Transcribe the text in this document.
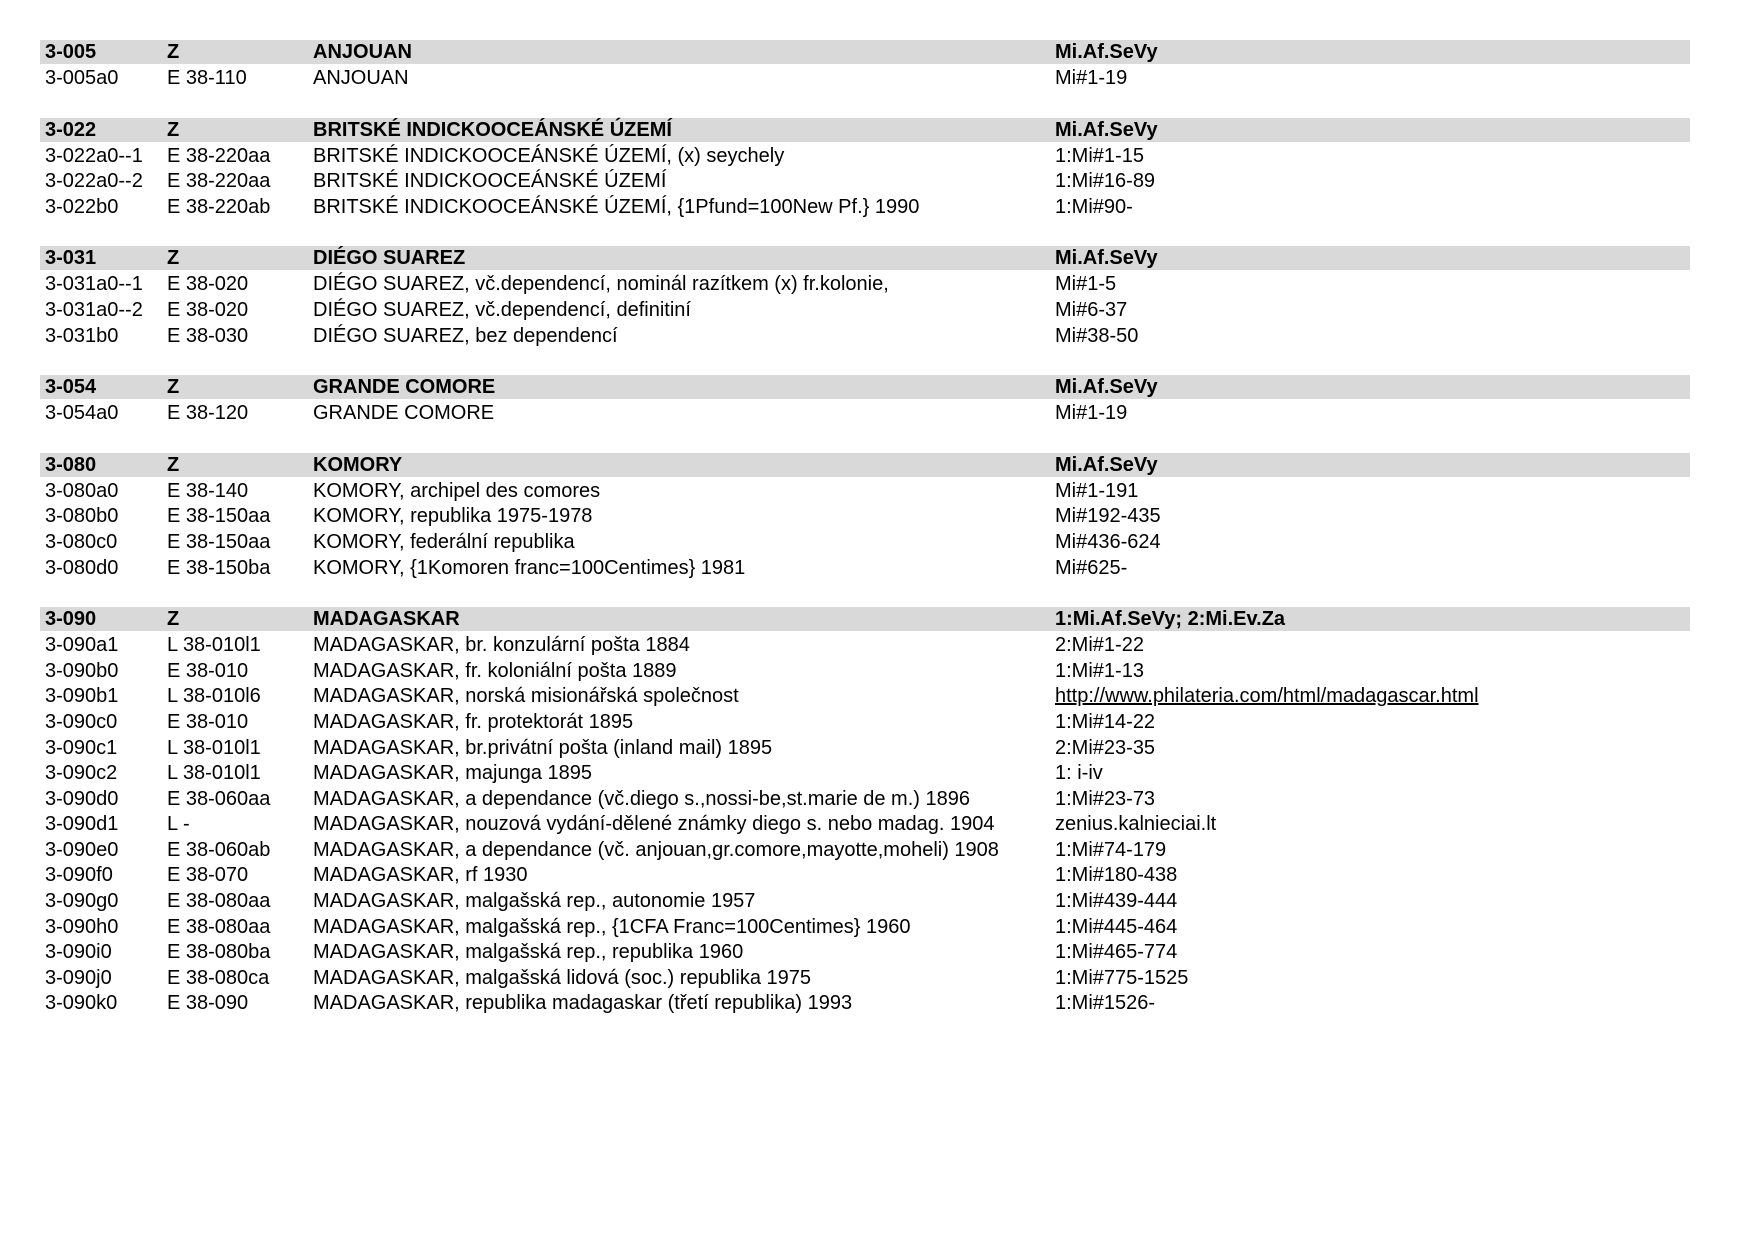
3-005	Z	ANJOUAN	Mi.Af.SeVy
3-005a0	E 38-110	ANJOUAN	Mi#1-19
3-022	Z	BRITSKÉ INDICKOOCEÁNSKÉ ÚZEMÍ	Mi.Af.SeVy
3-022a0--1	E 38-220aa	BRITSKÉ INDICKOOCEÁNSKÉ ÚZEMÍ, (x) seychely	1:Mi#1-15
3-022a0--2	E 38-220aa	BRITSKÉ INDICKOOCEÁNSKÉ ÚZEMÍ	1:Mi#16-89
3-022b0	E 38-220ab	BRITSKÉ INDICKOOCEÁNSKÉ ÚZEMÍ, {1Pfund=100New Pf.} 1990	1:Mi#90-
3-031	Z	DIÉGO SUAREZ	Mi.Af.SeVy
3-031a0--1	E 38-020	DIÉGO SUAREZ, vč.dependencí, nominál razítkem (x) fr.kolonie,	Mi#1-5
3-031a0--2	E 38-020	DIÉGO SUAREZ, vč.dependencí, definitiní	Mi#6-37
3-031b0	E 38-030	DIÉGO SUAREZ, bez dependencí	Mi#38-50
3-054	Z	GRANDE COMORE	Mi.Af.SeVy
3-054a0	E 38-120	GRANDE COMORE	Mi#1-19
3-080	Z	KOMORY	Mi.Af.SeVy
3-080a0	E 38-140	KOMORY, archipel des comores	Mi#1-191
3-080b0	E 38-150aa	KOMORY, republika 1975-1978	Mi#192-435
3-080c0	E 38-150aa	KOMORY, federální republika	Mi#436-624
3-080d0	E 38-150ba	KOMORY, {1Komoren franc=100Centimes} 1981	Mi#625-
3-090	Z	MADAGASKAR	1:Mi.Af.SeVy; 2:Mi.Ev.Za
3-090a1	L 38-010l1	MADAGASKAR, br. konzulární pošta 1884	2:Mi#1-22
3-090b0	E 38-010	MADAGASKAR, fr. koloniální pošta 1889	1:Mi#1-13
3-090b1	L 38-010l6	MADAGASKAR, norská misionářská společnost	http://www.philateria.com/html/madagascar.html
3-090c0	E 38-010	MADAGASKAR, fr. protektorát 1895	1:Mi#14-22
3-090c1	L 38-010l1	MADAGASKAR, br.privátní pošta (inland mail) 1895	2:Mi#23-35
3-090c2	L 38-010l1	MADAGASKAR, majunga 1895	1: i-iv
3-090d0	E 38-060aa	MADAGASKAR, a dependance (vč.diego s.,nossi-be,st.marie de m.) 1896	1:Mi#23-73
3-090d1	L -	MADAGASKAR, nouzová vydání-dělené známky diego s. nebo madag. 1904	zenius.kalnieciai.lt
3-090e0	E 38-060ab	MADAGASKAR, a dependance (vč. anjouan,gr.comore,mayotte,moheli) 1908	1:Mi#74-179
3-090f0	E 38-070	MADAGASKAR, rf 1930	1:Mi#180-438
3-090g0	E 38-080aa	MADAGASKAR, malgašská rep., autonomie 1957	1:Mi#439-444
3-090h0	E 38-080aa	MADAGASKAR, malgašská rep., {1CFA Franc=100Centimes} 1960	1:Mi#445-464
3-090i0	E 38-080ba	MADAGASKAR, malgašská rep., republika 1960	1:Mi#465-774
3-090j0	E 38-080ca	MADAGASKAR, malgašská lidová (soc.) republika 1975	1:Mi#775-1525
3-090k0	E 38-090	MADAGASKAR, republika madagaskar (třetí republika) 1993	1:Mi#1526-
